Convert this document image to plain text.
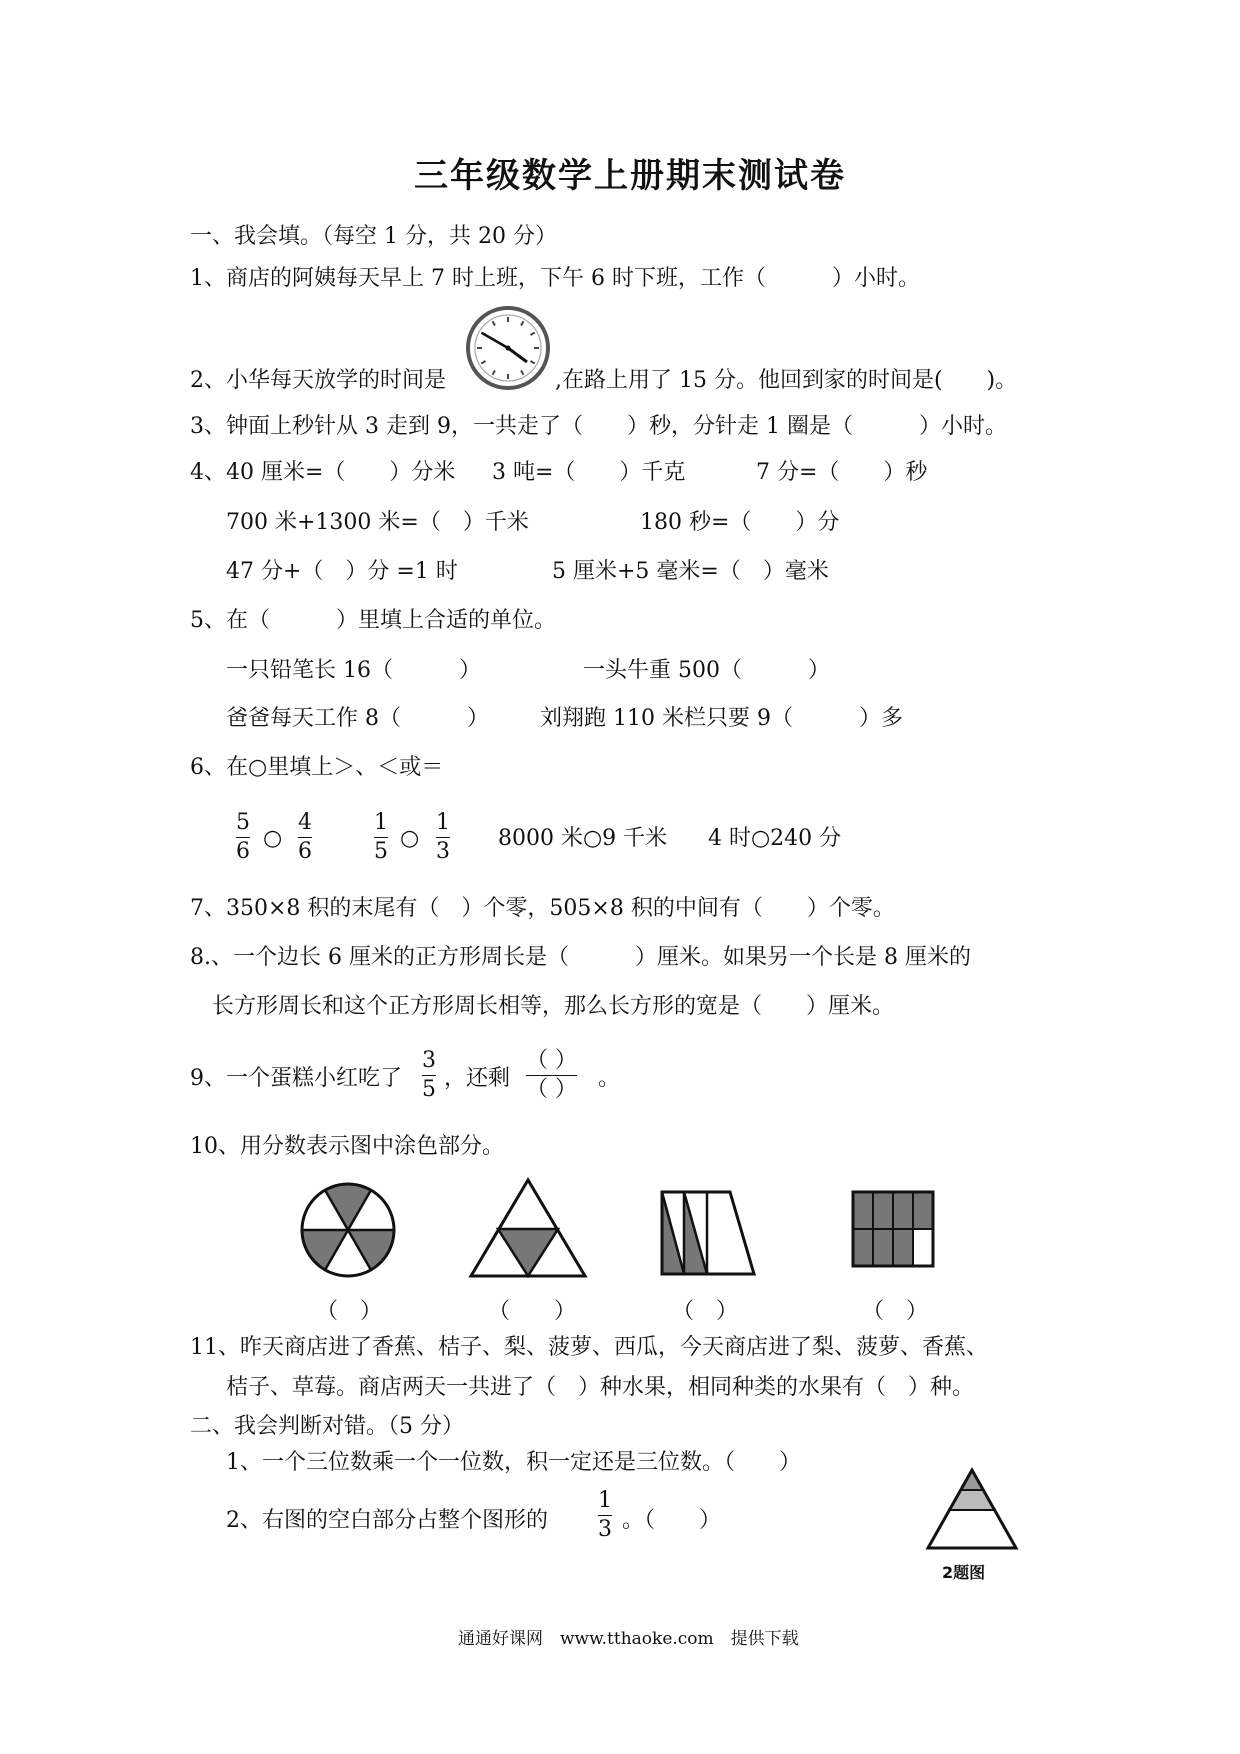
三年级数学上册期末测试卷
一、我会填。（每空 1 分，共 20 分）
1、商店的阿姨每天早上 7 时上班，下午 6 时下班，工作（　　　）小时。
2、小华每天放学的时间是	,在路上用了 15 分。他回到家的时间是(　　)。
3、钟面上秒针从 3 走到 9，一共走了（　　）秒，分针走 1 圈是（　　　）小时。
4、40 厘米=（　　）分米 3 吨=（　　）千克	7 分=（　　）秒
700 米+1300 米=（　）千米	180 秒=（　　）分
47 分+（　）分 =1 时	5 厘米+5 毫米=（　）毫米
5、在（　　　）里填上合适的单位。
一只铅笔长 16（　　　）	一头牛重 500（　　　）
爸爸每天工作 8（　　　） 刘翔跑 110 米栏只要 9（　　　）多
6、在○里填上＞、＜或＝
5
6
○
4
6
1
5
○
1
3
8000 米○9 千米 4 时○240 分
7、350×8 积的末尾有（　）个零，505×8 积的中间有（　　）个零。
8.、一个边长 6 厘米的正方形周长是（　　　）厘米。如果另一个长是 8 厘米的
长方形周长和这个正方形周长相等，那么长方形的宽是（　　）厘米。
9、一个蛋糕小红吃了
3
5 ，还剩
（ ）
（ ） 。
10、用分数表示图中涂色部分。
（　）	（　　）	（　）	（　）
11、昨天商店进了香蕉、桔子、梨、菠萝、西瓜，今天商店进了梨、菠萝、香蕉、
桔子、草莓。商店两天一共进了（　）种水果，相同种类的水果有（　）种。
二、我会判断对错。（5 分）
1、一个三位数乘一个一位数，积一定还是三位数。（　　）
2、右图的空白部分占整个图形的
1
3 。（　　）
2题图
通通好课网　www.tthaoke.com　提供下载
